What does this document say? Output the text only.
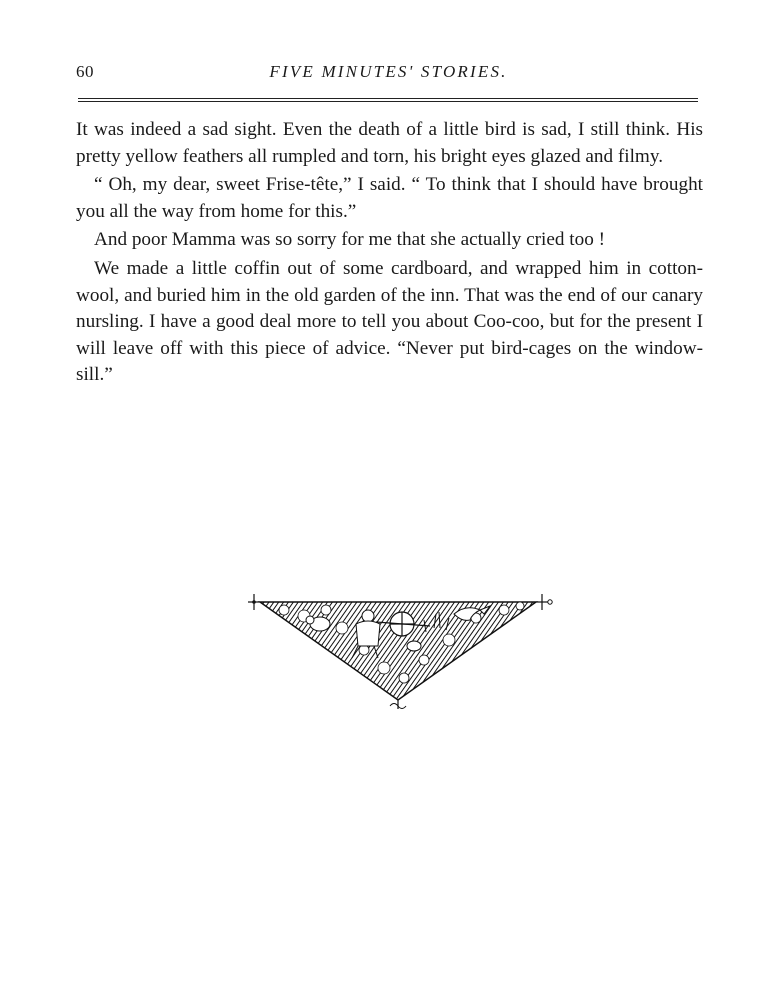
60	FIVE MINUTES' STORIES.

It was indeed a sad sight. Even the death of a little bird is sad, I still think. His pretty yellow feathers all rumpled and torn, his bright eyes glazed and filmy.

“ Oh, my dear, sweet Frise-tête,” I said. “ To think that I should have brought you all the way from home for this.”

And poor Mamma was so sorry for me that she actually cried too !

We made a little coffin out of some cardboard, and wrapped him in cotton-wool, and buried him in the old garden of the inn. That was the end of our canary nursling. I have a good deal more to tell you about Coo-coo, but for the present I will leave off with this piece of advice. “Never put bird-cages on the window-sill.”
